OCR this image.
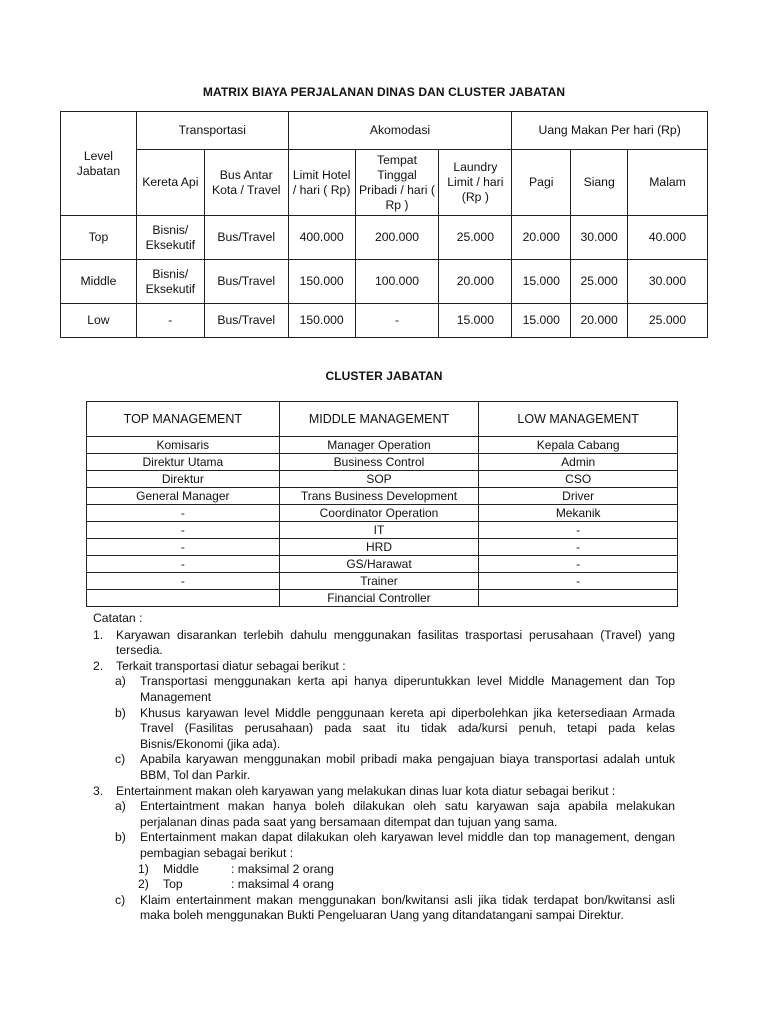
MATRIX BIAYA PERJALANAN DINAS DAN CLUSTER JABATAN
Level Jabatan	Transportasi		Akomodasi			Uang Makan Per hari (Rp)		
	Kereta Api	Bus Antar Kota / Travel	Limit Hotel / hari ( Rp)	Tempat Tinggal Pribadi / hari ( Rp )	Laundry Limit / hari (Rp )	Pagi	Siang	Malam
Top	Bisnis/ Eksekutif	Bus/Travel	400.000	200.000	25.000	20.000	30.000	40.000
Middle	Bisnis/ Eksekutif	Bus/Travel	150.000	100.000	20.000	15.000	25.000	30.000
Low	-	Bus/Travel	150.000	-	15.000	15.000	20.000	25.000
CLUSTER JABATAN
TOP MANAGEMENT	MIDDLE MANAGEMENT	LOW MANAGEMENT
Komisaris	Manager Operation	Kepala Cabang
Direktur Utama	Business Control	Admin
Direktur	SOP	CSO
General Manager	Trans Business Development	Driver
-	Coordinator Operation	Mekanik
-	IT	-
-	HRD	-
-	GS/Harawat	-
-	Trainer	-
	Financial Controller	
Catatan :
1.	Karyawan disarankan terlebih dahulu menggunakan fasilitas trasportasi perusahaan (Travel) yang tersedia.
2.	Terkait transportasi diatur sebagai berikut :
a)	Transportasi menggunakan kerta api hanya diperuntukkan level Middle Management dan Top Management
b)	Khusus karyawan level Middle penggunaan kereta api diperbolehkan jika ketersediaan Armada Travel (Fasilitas perusahaan) pada saat itu tidak ada/kursi penuh, tetapi pada kelas Bisnis/Ekonomi (jika ada).
c)	Apabila karyawan menggunakan mobil pribadi maka pengajuan biaya transportasi adalah untuk BBM, Tol dan Parkir.
3.	Entertainment makan oleh karyawan yang melakukan dinas luar kota diatur sebagai berikut :
a)	Entertaintment makan hanya boleh dilakukan oleh satu karyawan saja apabila melakukan perjalanan dinas pada saat yang bersamaan ditempat dan tujuan yang sama.
b)	Entertainment makan dapat dilakukan oleh karyawan level middle dan top management, dengan pembagian sebagai berikut :
1)	Middle	: maksimal 2 orang
2)	Top	: maksimal 4 orang
c)	Klaim entertainment makan menggunakan bon/kwitansi asli jika tidak terdapat bon/kwitansi asli maka boleh menggunakan Bukti Pengeluaran Uang yang ditandatangani sampai Direktur.
